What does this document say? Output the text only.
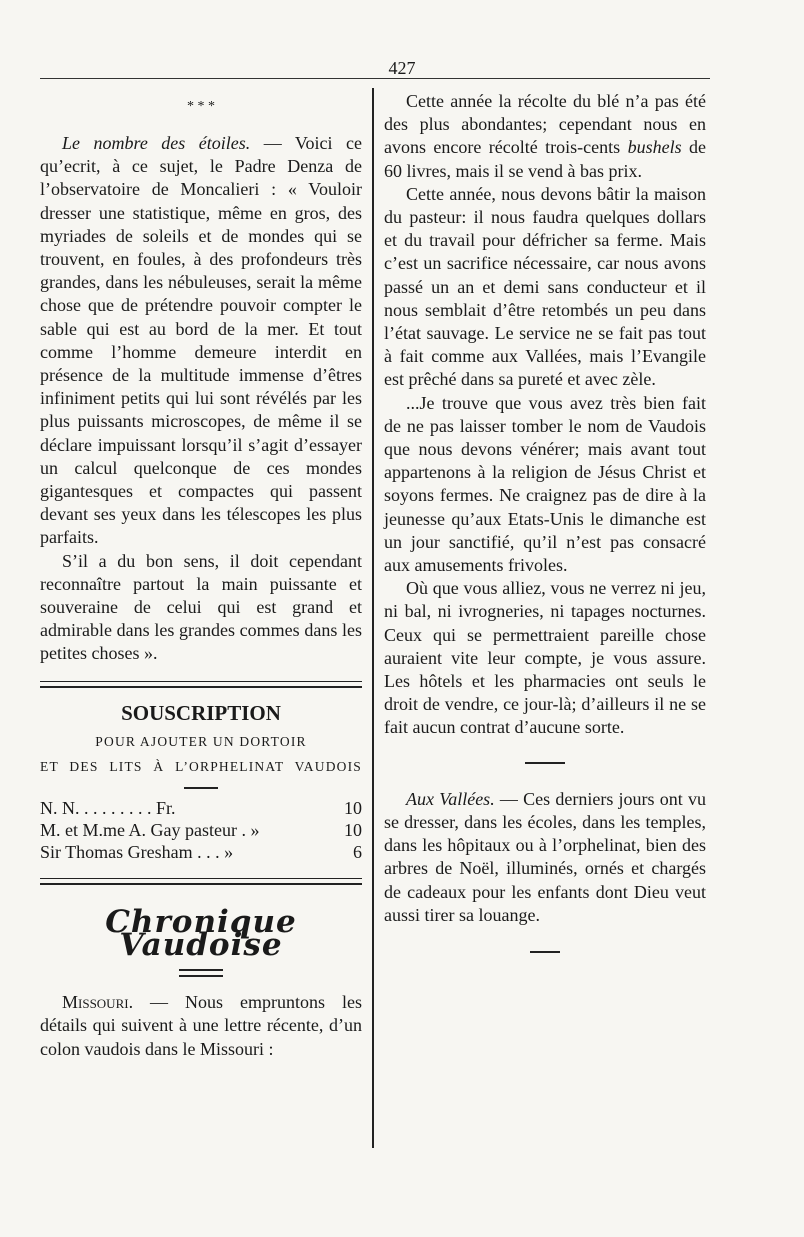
427
* * *

Le nombre des étoiles. — Voici ce qu’ecrit, à ce sujet, le Padre Denza de l’observatoire de Moncalieri : « Vouloir dresser une statistique, même en gros, des myriades de soleils et de mondes qui se trouvent, en foules, à des profondeurs très grandes, dans les nébuleuses, serait la même chose que de prétendre pouvoir compter le sable qui est au bord de la mer. Et tout comme l’homme demeure interdit en présence de la multitude immense d’êtres infiniment petits qui lui sont révélés par les plus puissants microscopes, de même il se déclare impuissant lorsqu’il s’agit d’essayer un calcul quelconque de ces mondes gigantesques et compactes qui passent devant ses yeux dans les télescopes les plus parfaits.

S’il a du bon sens, il doit cependant reconnaître partout la main puissante et souveraine de celui qui est grand et admirable dans les grandes commes dans les petites choses ».

SOUSCRIPTION
POUR AJOUTER UN DORTOIR
ET DES LITS À L’ORPHELINAT VAUDOIS
N. N. . . . . . . . . Fr.	10
M. et M.me A. Gay pasteur . »	10
Sir Thomas Gresham . . . »	6
Chronique Vaudoise

Missouri. — Nous empruntons les détails qui suivent à une lettre récente, d’un colon vaudois dans le Missouri :

Cette année la récolte du blé n’a pas été des plus abondantes; cependant nous en avons encore récolté trois-cents bushels de 60 livres, mais il se vend à bas prix.

Cette année, nous devons bâtir la maison du pasteur: il nous faudra quelques dollars et du travail pour défricher sa ferme. Mais c’est un sacrifice nécessaire, car nous avons passé un an et demi sans conducteur et il nous semblait d’être retombés un peu dans l’état sauvage. Le service ne se fait pas tout à fait comme aux Vallées, mais l’Evangile est prêché dans sa pureté et avec zèle.

...Je trouve que vous avez très bien fait de ne pas laisser tomber le nom de Vaudois que nous devons vénérer; mais avant tout appartenons à la religion de Jésus Christ et soyons fermes. Ne craignez pas de dire à la jeunesse qu’aux Etats-Unis le dimanche est un jour sanctifié, qu’il n’est pas consacré aux amusements frivoles.

Où que vous alliez, vous ne verrez ni jeu, ni bal, ni ivrogneries, ni tapages nocturnes. Ceux qui se permettraient pareille chose auraient vite leur compte, je vous assure. Les hôtels et les pharmacies ont seuls le droit de vendre, ce jour-là; d’ailleurs il ne se fait aucun contrat d’aucune sorte.

Aux Vallées. — Ces derniers jours ont vu se dresser, dans les écoles, dans les temples, dans les hôpitaux ou à l’orphelinat, bien des arbres de Noël, illuminés, ornés et chargés de cadeaux pour les enfants dont Dieu veut aussi tirer sa louange.
